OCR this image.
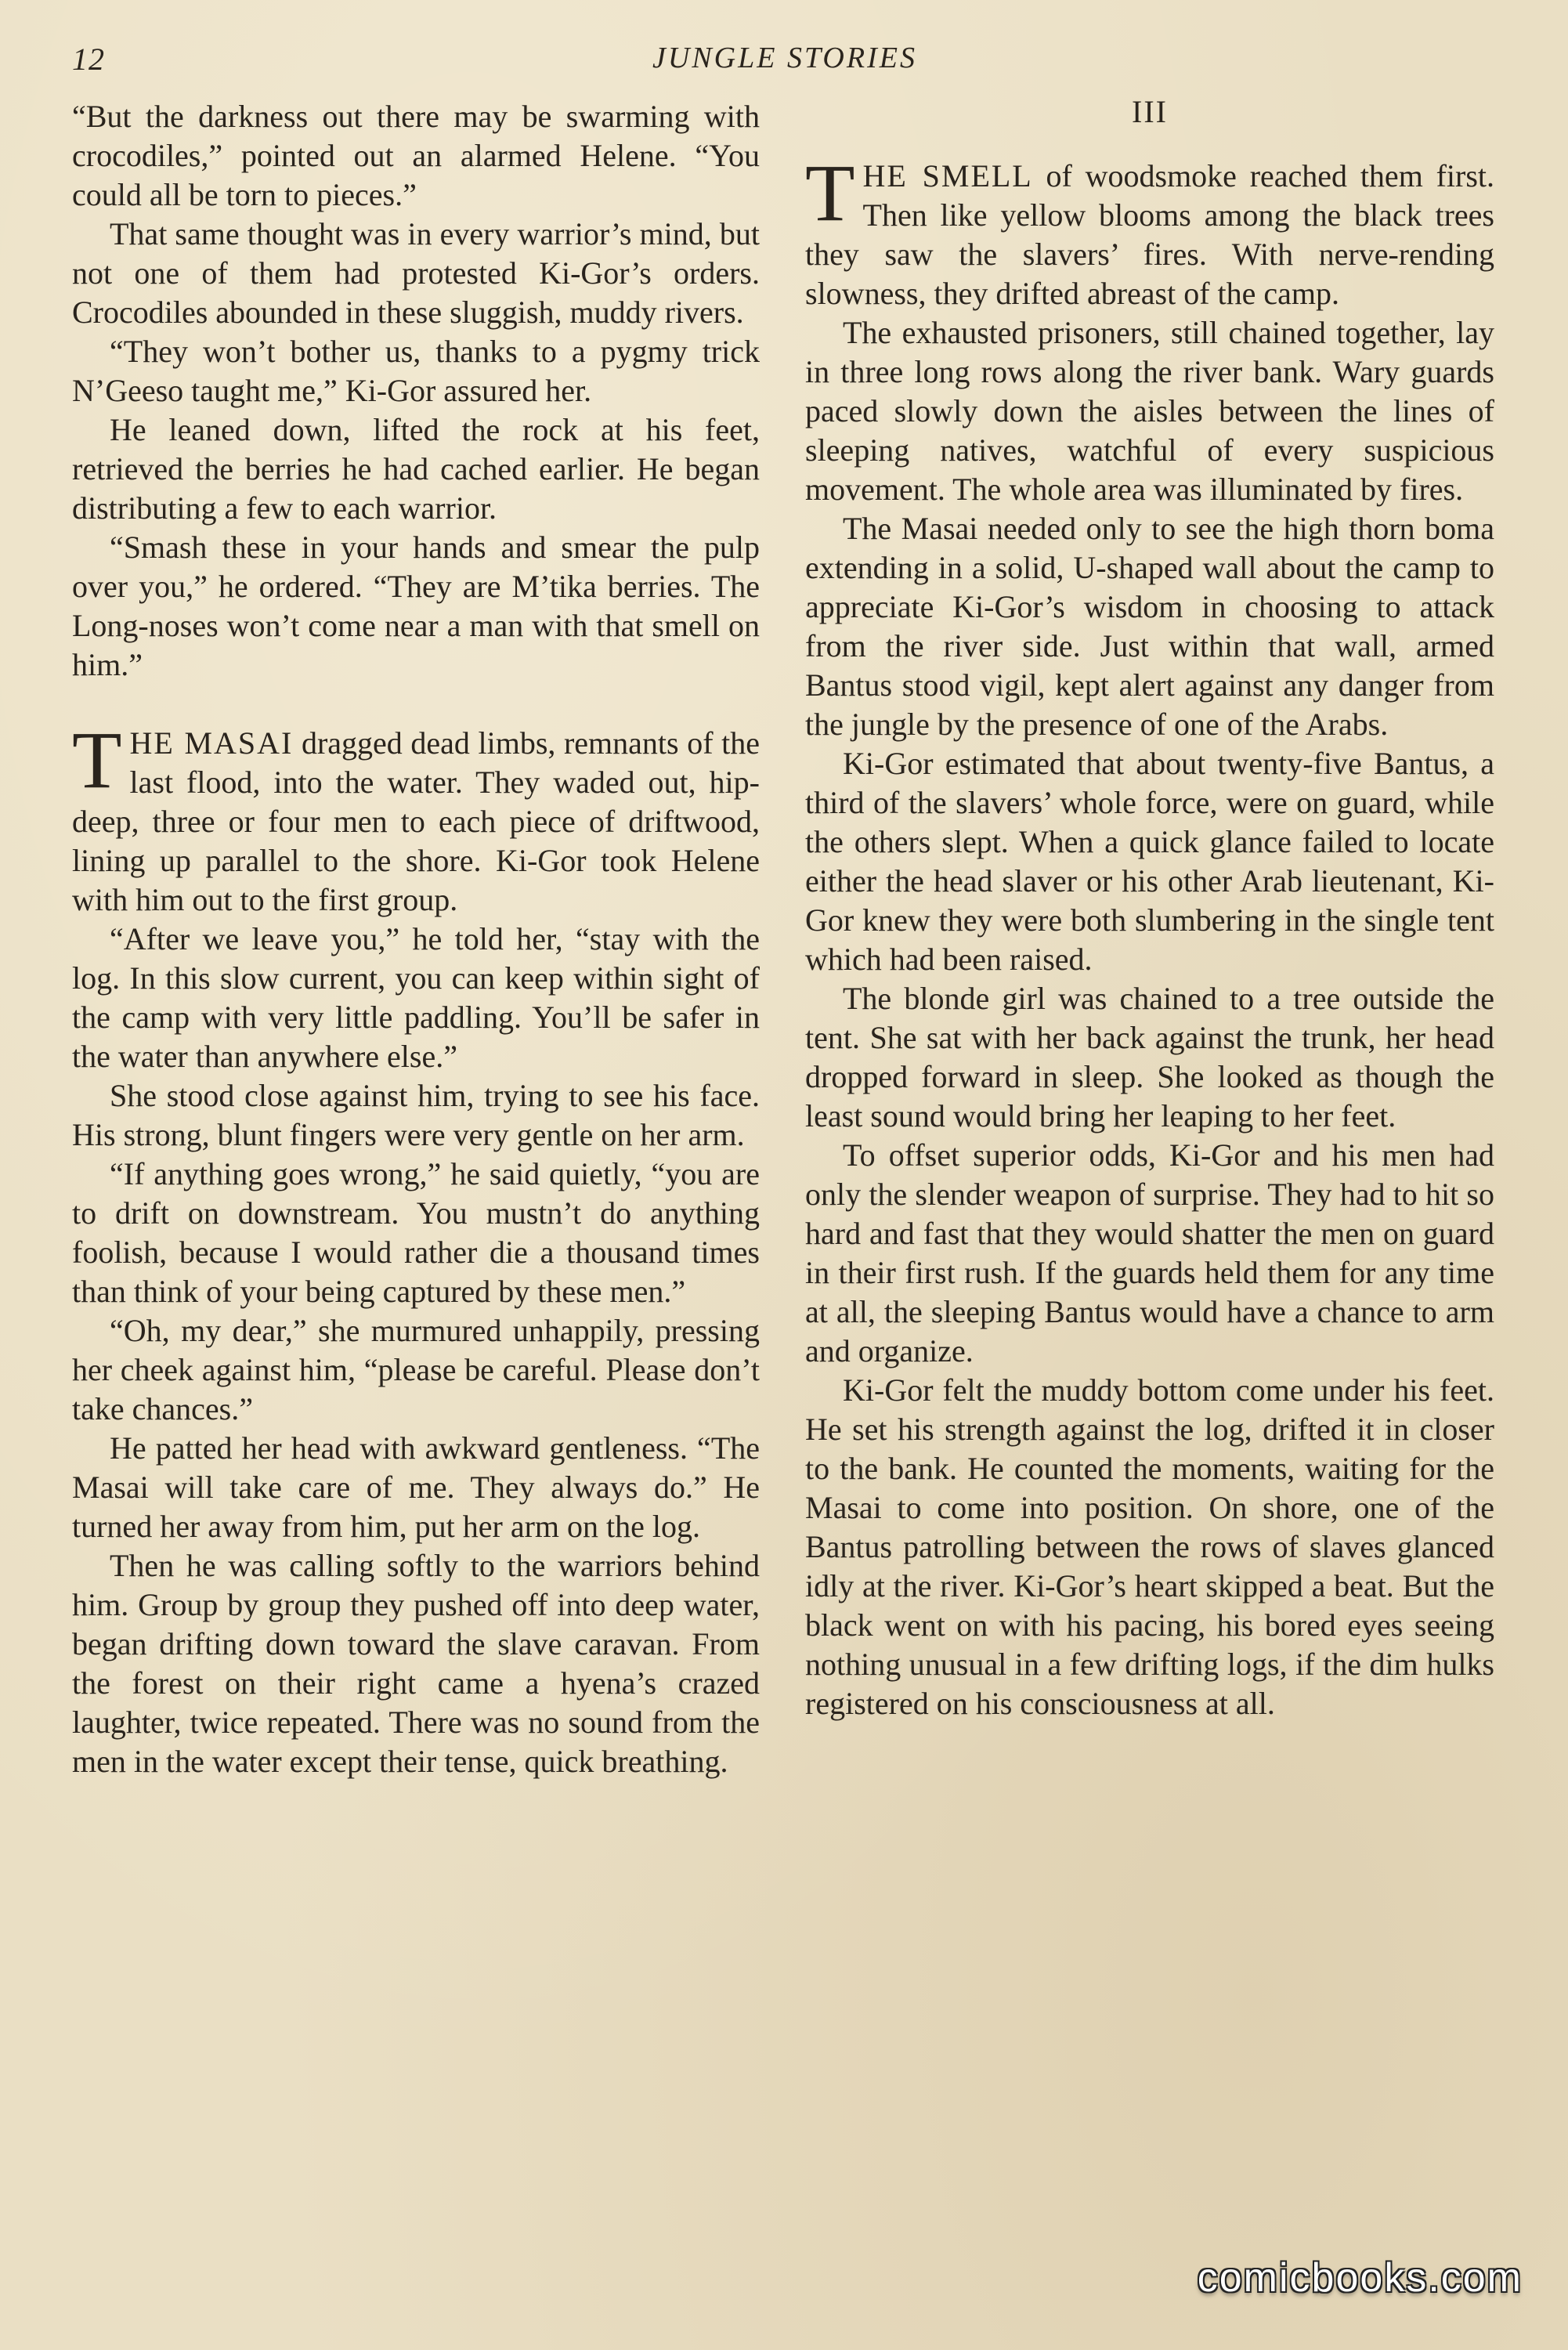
12	JUNGLE STORIES

“But the darkness out there may be swarming with crocodiles,” pointed out an alarmed Helene. “You could all be torn to pieces.”

That same thought was in every warrior’s mind, but not one of them had protested Ki-Gor’s orders. Crocodiles abounded in these sluggish, muddy rivers.

“They won’t bother us, thanks to a pygmy trick N’Geeso taught me,” Ki-Gor assured her.

He leaned down, lifted the rock at his feet, retrieved the berries he had cached earlier. He began distributing a few to each warrior.

“Smash these in your hands and smear the pulp over you,” he ordered. “They are M’tika berries. The Long-noses won’t come near a man with that smell on him.”

THE MASAI dragged dead limbs, remnants of the last flood, into the water. They waded out, hip-deep, three or four men to each piece of driftwood, lining up parallel to the shore. Ki-Gor took Helene with him out to the first group.

“After we leave you,” he told her, “stay with the log. In this slow current, you can keep within sight of the camp with very little paddling. You’ll be safer in the water than anywhere else.”

She stood close against him, trying to see his face. His strong, blunt fingers were very gentle on her arm.

“If anything goes wrong,” he said quietly, “you are to drift on downstream. You mustn’t do anything foolish, because I would rather die a thousand times than think of your being captured by these men.”

“Oh, my dear,” she murmured unhappily, pressing her cheek against him, “please be careful. Please don’t take chances.”

He patted her head with awkward gentleness. “The Masai will take care of me. They always do.” He turned her away from him, put her arm on the log.

Then he was calling softly to the warriors behind him. Group by group they pushed off into deep water, began drifting down toward the slave caravan. From the forest on their right came a hyena’s crazed laughter, twice repeated. There was no sound from the men in the water except their tense, quick breathing.

III

THE SMELL of woodsmoke reached them first. Then like yellow blooms among the black trees they saw the slavers’ fires. With nerve-rending slowness, they drifted abreast of the camp.

The exhausted prisoners, still chained together, lay in three long rows along the river bank. Wary guards paced slowly down the aisles between the lines of sleeping natives, watchful of every suspicious movement. The whole area was illuminated by fires.

The Masai needed only to see the high thorn boma extending in a solid, U-shaped wall about the camp to appreciate Ki-Gor’s wisdom in choosing to attack from the river side. Just within that wall, armed Bantus stood vigil, kept alert against any danger from the jungle by the presence of one of the Arabs.

Ki-Gor estimated that about twenty-five Bantus, a third of the slavers’ whole force, were on guard, while the others slept. When a quick glance failed to locate either the head slaver or his other Arab lieutenant, Ki-Gor knew they were both slumbering in the single tent which had been raised.

The blonde girl was chained to a tree outside the tent. She sat with her back against the trunk, her head dropped forward in sleep. She looked as though the least sound would bring her leaping to her feet.

To offset superior odds, Ki-Gor and his men had only the slender weapon of surprise. They had to hit so hard and fast that they would shatter the men on guard in their first rush. If the guards held them for any time at all, the sleeping Bantus would have a chance to arm and organize.

Ki-Gor felt the muddy bottom come under his feet. He set his strength against the log, drifted it in closer to the bank. He counted the moments, waiting for the Masai to come into position. On shore, one of the Bantus patrolling between the rows of slaves glanced idly at the river. Ki-Gor’s heart skipped a beat. But the black went on with his pacing, his bored eyes seeing nothing unusual in a few drifting logs, if the dim hulks registered on his consciousness at all.

comicbooks.com
